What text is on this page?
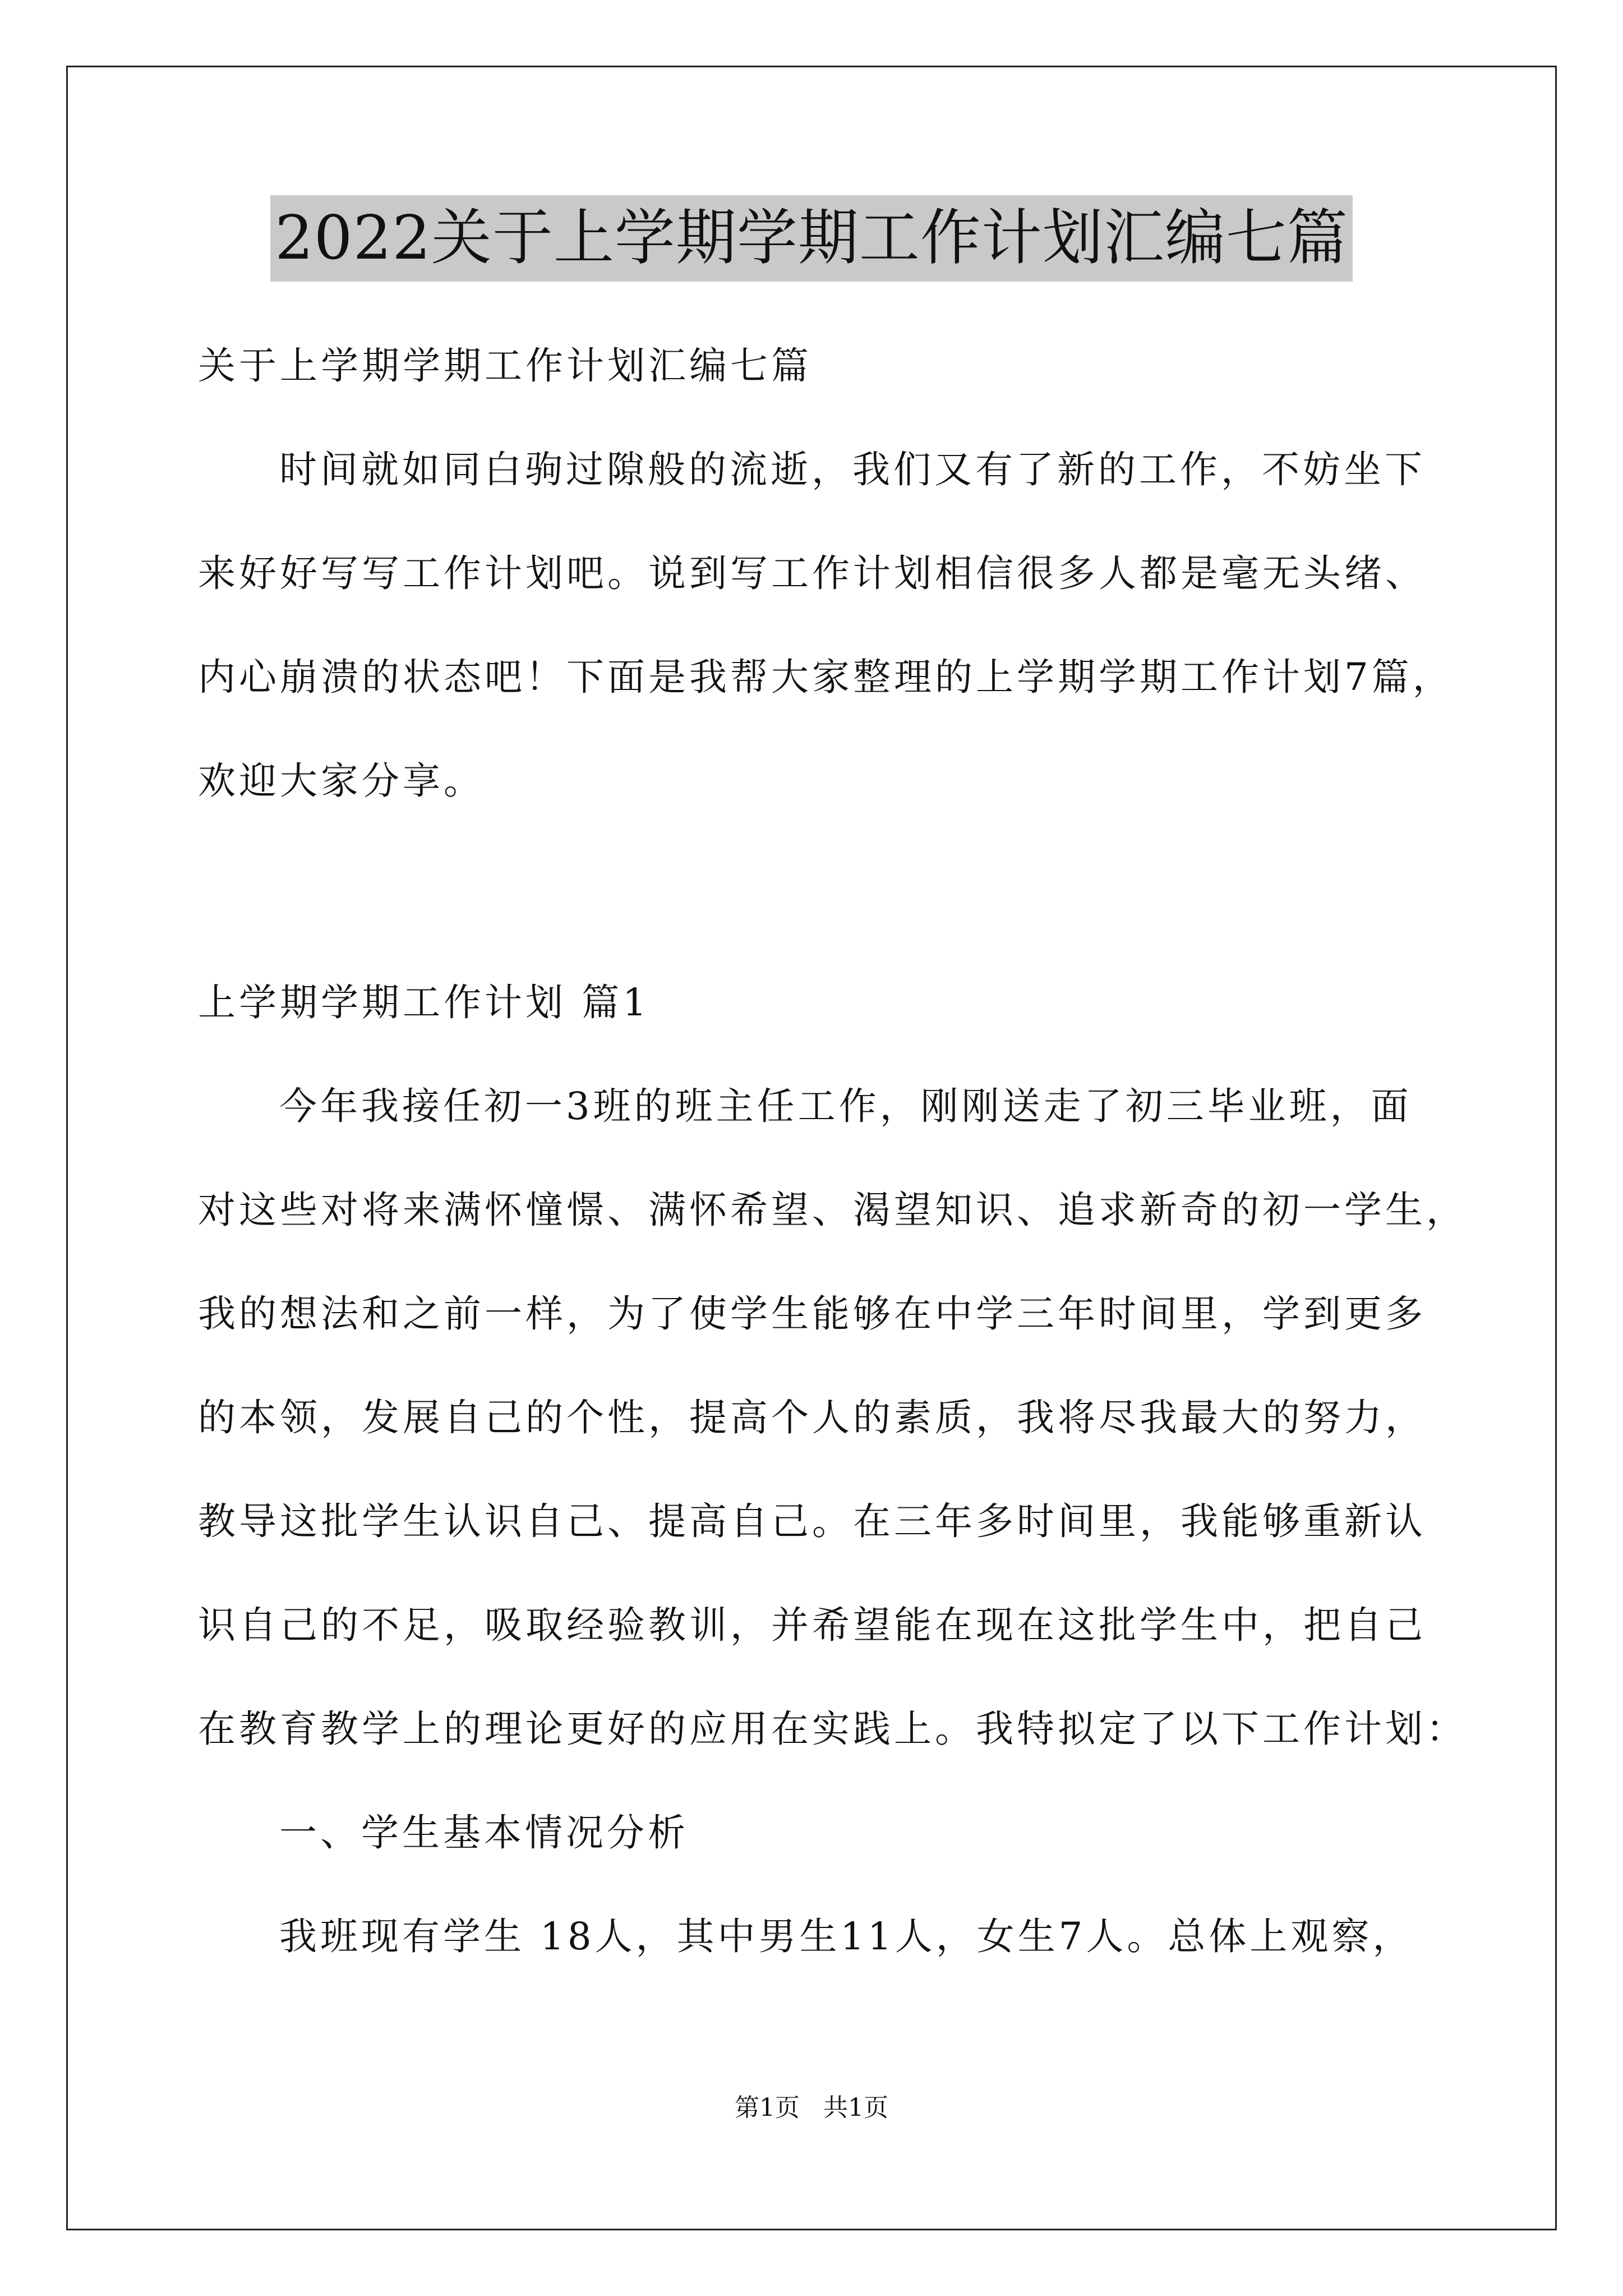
2022关于上学期学期工作计划汇编七篇
关于上学期学期工作计划汇编七篇
时间就如同白驹过隙般的流逝，我们又有了新的工作，不妨坐下
来好好写写工作计划吧。说到写工作计划相信很多人都是毫无头绪、
内心崩溃的状态吧！下面是我帮大家整理的上学期学期工作计划7篇，
欢迎大家分享。
上学期学期工作计划 篇1
今年我接任初一3班的班主任工作，刚刚送走了初三毕业班，面
对这些对将来满怀憧憬、满怀希望、渴望知识、追求新奇的初一学生，
我的想法和之前一样，为了使学生能够在中学三年时间里，学到更多
的本领，发展自己的个性，提高个人的素质，我将尽我最大的努力，
教导这批学生认识自己、提高自己。在三年多时间里，我能够重新认
识自己的不足，吸取经验教训，并希望能在现在这批学生中，把自己
在教育教学上的理论更好的应用在实践上。我特拟定了以下工作计划：
一、学生基本情况分析
我班现有学生 18人，其中男生11人，女生7人。总体上观察，
第1页   共1页
